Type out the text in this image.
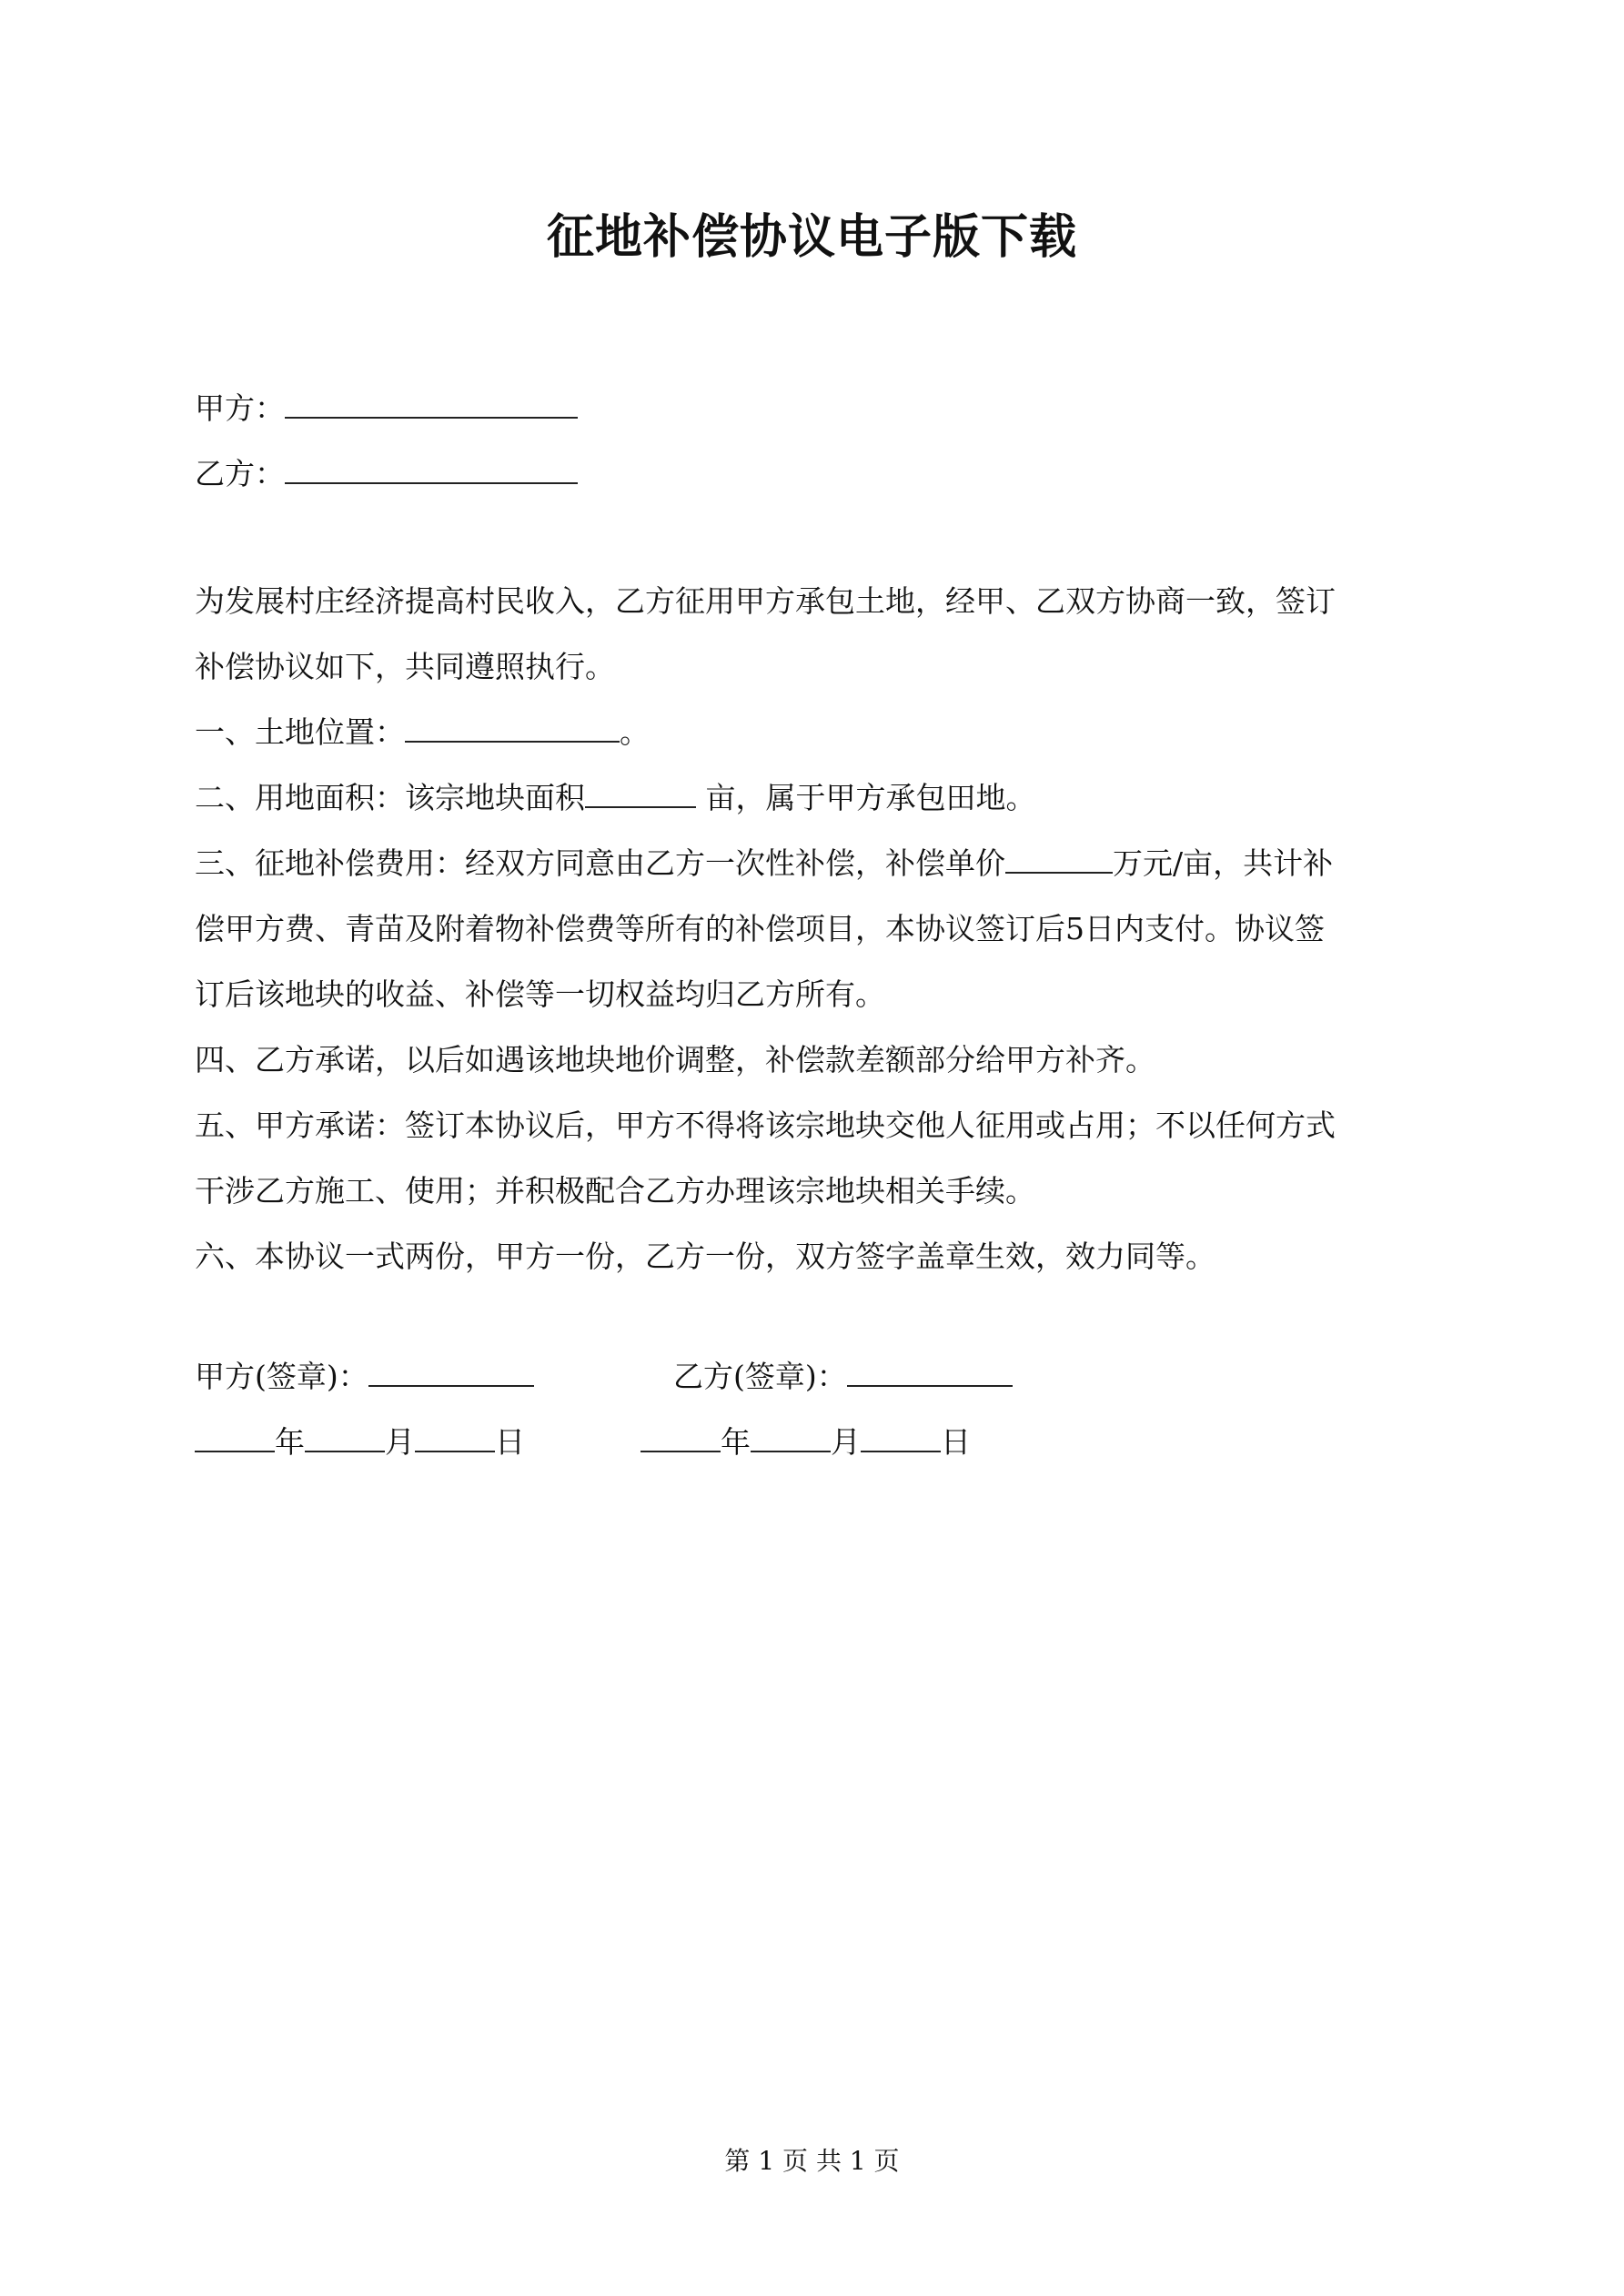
征地补偿协议电子版下载
甲方：
乙方：
为发展村庄经济提高村民收入，乙方征用甲方承包土地，经甲、乙双方协商一致，签订
补偿协议如下，共同遵照执行。
一、土地位置：	。
二、用地面积：该宗地块面积	亩，属于甲方承包田地。
三、征地补偿费用：经双方同意由乙方一次性补偿，补偿单价	万元/亩，共计补
偿甲方费、青苗及附着物补偿费等所有的补偿项目，本协议签订后5日内支付。协议签
订后该地块的收益、补偿等一切权益均归乙方所有。
四、乙方承诺，以后如遇该地块地价调整，补偿款差额部分给甲方补齐。
五、甲方承诺：签订本协议后，甲方不得将该宗地块交他人征用或占用；不以任何方式
干涉乙方施工、使用；并积极配合乙方办理该宗地块相关手续。
六、本协议一式两份，甲方一份，乙方一份，双方签字盖章生效，效力同等。
甲方(签章)：	乙方(签章)：
年	月	日	年	月	日
第 1 页 共 1 页
